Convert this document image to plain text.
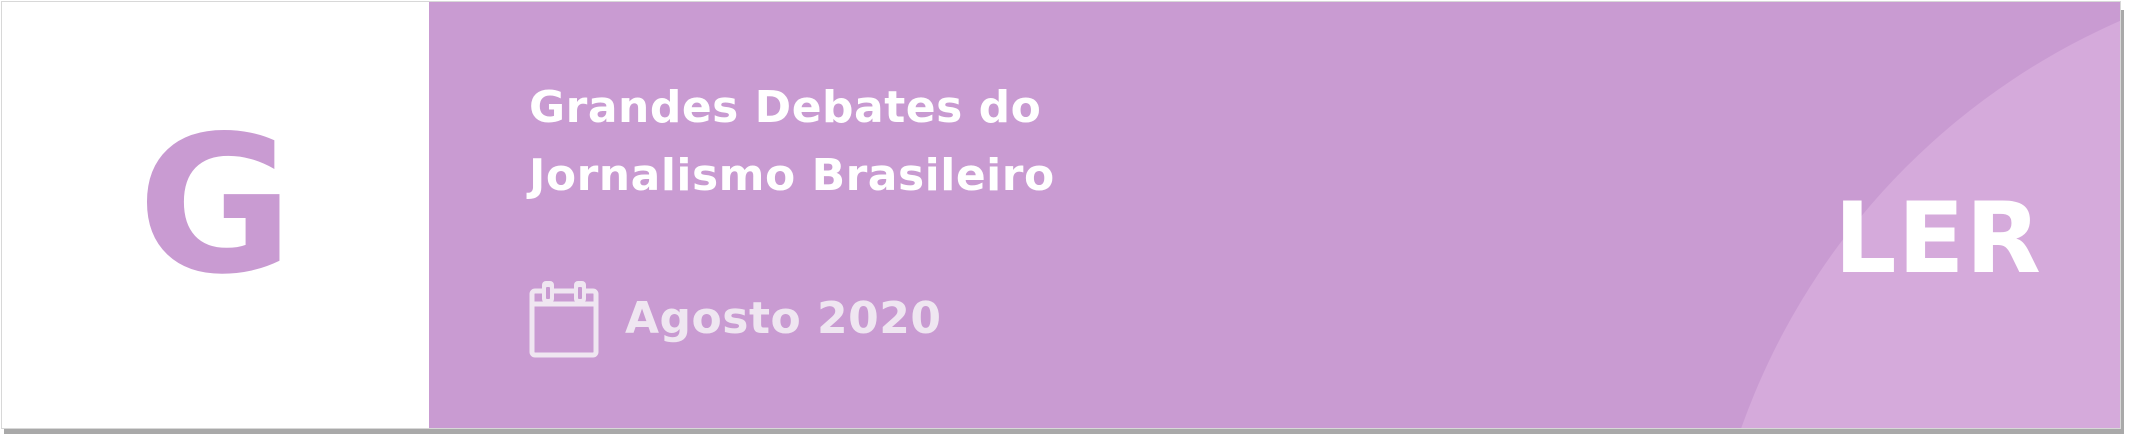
G	Grandes Debates do
Jornalismo Brasileiro
Agosto 2020
LER
